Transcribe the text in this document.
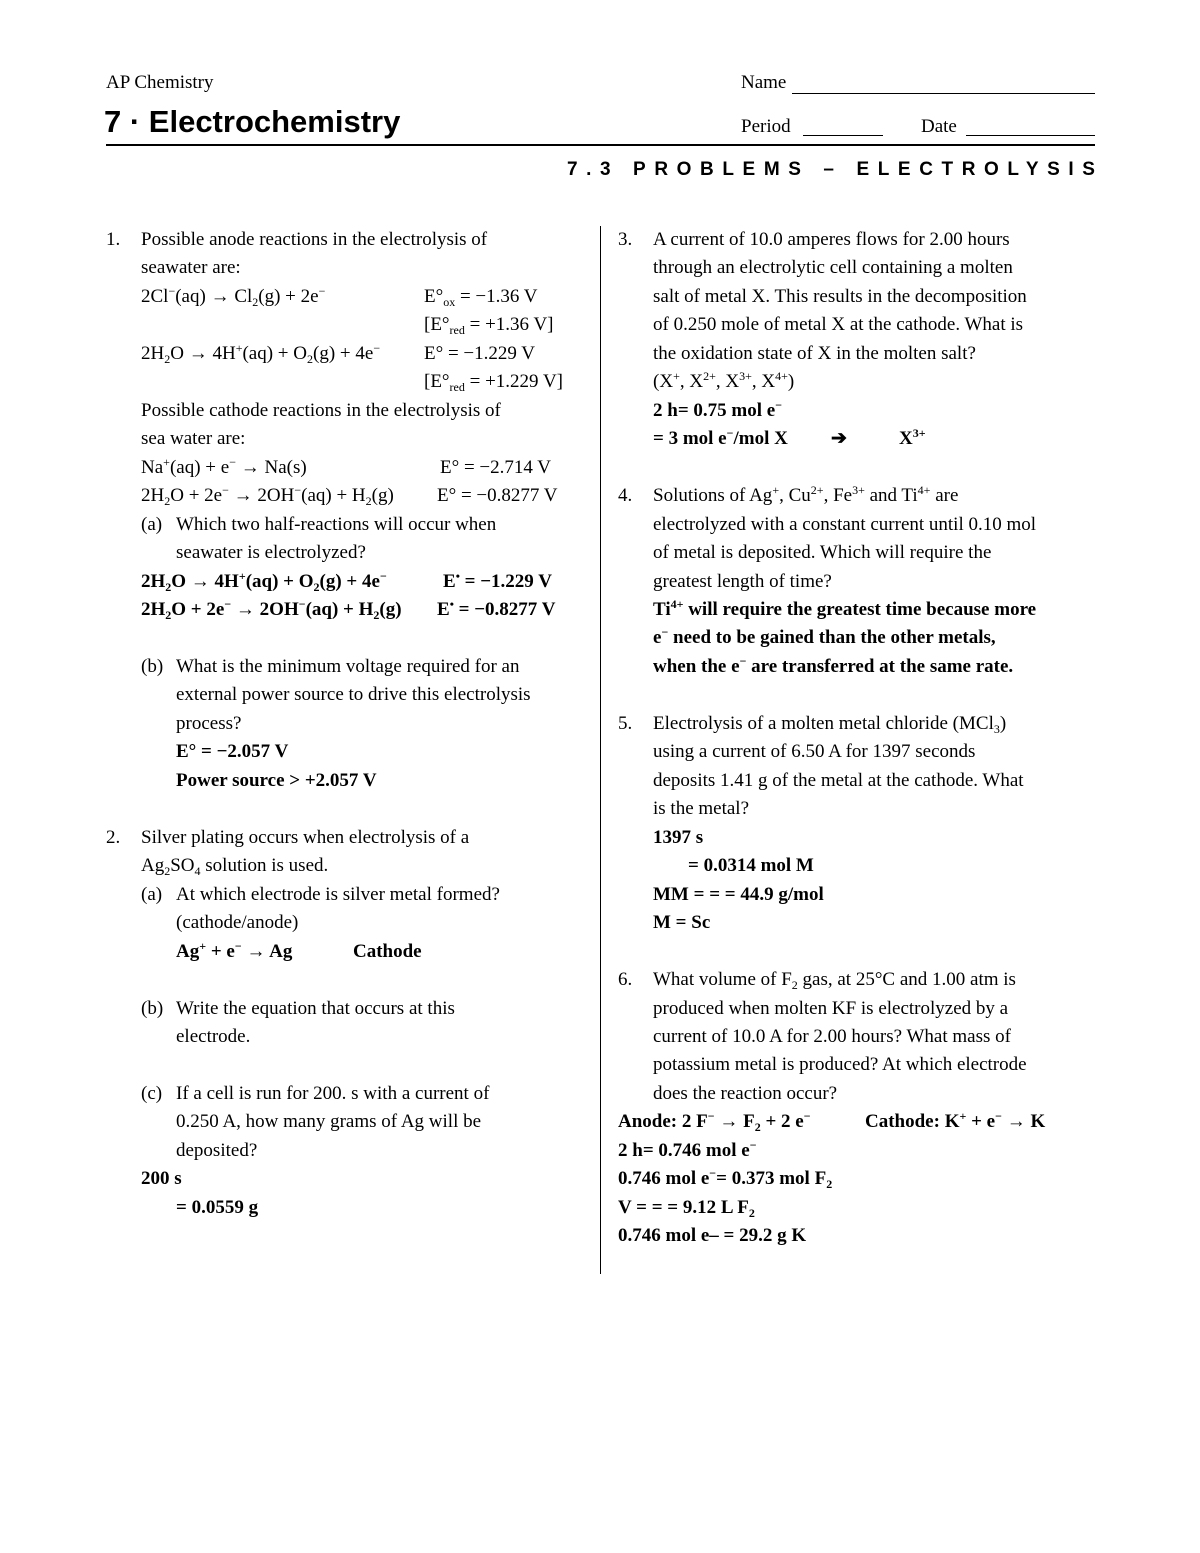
AP Chemistry	Name
7 · Electrochemistry	Period	Date
7.3 PROBLEMS – ELECTROLYSIS
1. Possible anode reactions in the electrolysis of
seawater are:
$2Cl^-(aq) \to Cl_2(g) + 2e^-$	$E^\circ_{ox} = -1.36$ V
[$E^\circ_{red} = +1.36$ V]
$2H_2O \to 4H^+(aq) + O_2(g) + 4e^-$ E° = −1.229 V
[$E^\circ_{red} = +1.229$ V]
Possible cathode reactions in the electrolysis of
sea water are:
Na+(aq) + e− → Na(s)	E° = −2.714 V
$2H_2O + 2e^- \to 2OH^-(aq) + H_2(g) E^\circ = -0.8277$ V
(a) Which two half-reactions will occur when
seawater is electrolyzed?
$2H_2O \to 4H^+(aq) + O_2(g) + 4e^-$	E• = −1.229 V
$2H_2O + 2e^- \to 2OH^-(aq) + H_2(g) E^• = -0.8277$ V
(b) What is the minimum voltage required for an
external power source to drive this electrolysis
process?
E° = −2.057 V
Power source > +2.057 V
2. Silver plating occurs when electrolysis of a
$Ag_2SO_4$ solution is used.
(a) At which electrode is silver metal formed?
(cathode/anode)
Ag+ + e− → Ag	Cathode
(b) Write the equation that occurs at this
electrode.
(c) If a cell is run for 200. s with a current of
0.250 A, how many grams of Ag will be
deposited?
200 s
= 0.0559 g
3. A current of 10.0 amperes flows for 2.00 hours
through an electrolytic cell containing a molten
salt of metal X. This results in the decomposition
of 0.250 mole of metal X at the cathode. What is
the oxidation state of X in the molten salt?
(X+, $X^{2+}$, $X^{3+}$, $X^{4+}$)
2 h= 0.75 mol e−
= 3 mol e−/mol X ➔	$X^{3+}$
4. Solutions of Ag+, $Cu^{2+}$, $Fe^{3+}$ and $Ti^{4+}$ are
electrolyzed with a constant current until 0.10 mol
of metal is deposited. Which will require the
greatest length of time?
$Ti^{4+}$ will require the greatest time because more
e− need to be gained than the other metals,
when the e− are transferred at the same rate.
5. Electrolysis of a molten metal chloride (MCl$_3$)
using a current of 6.50 A for 1397 seconds
deposits 1.41 g of the metal at the cathode. What
is the metal?
1397 s
= 0.0314 mol M
MM = = = 44.9 g/mol
M = Sc
6. What volume of $F_2$ gas, at 25°C and 1.00 atm is
produced when molten KF is electrolyzed by a
current of 10.0 A for 2.00 hours? What mass of
potassium metal is produced? At which electrode
does the reaction occur?
Anode: 2 $F^- \to F_2 + 2$ e−	Cathode: K+ + e− → K
2 h= 0.746 mol e−
0.746 mol e−= 0.373 mol $F_2$
V = = = 9.12 L $F_2$
0.746 mol e– = 29.2 g K
